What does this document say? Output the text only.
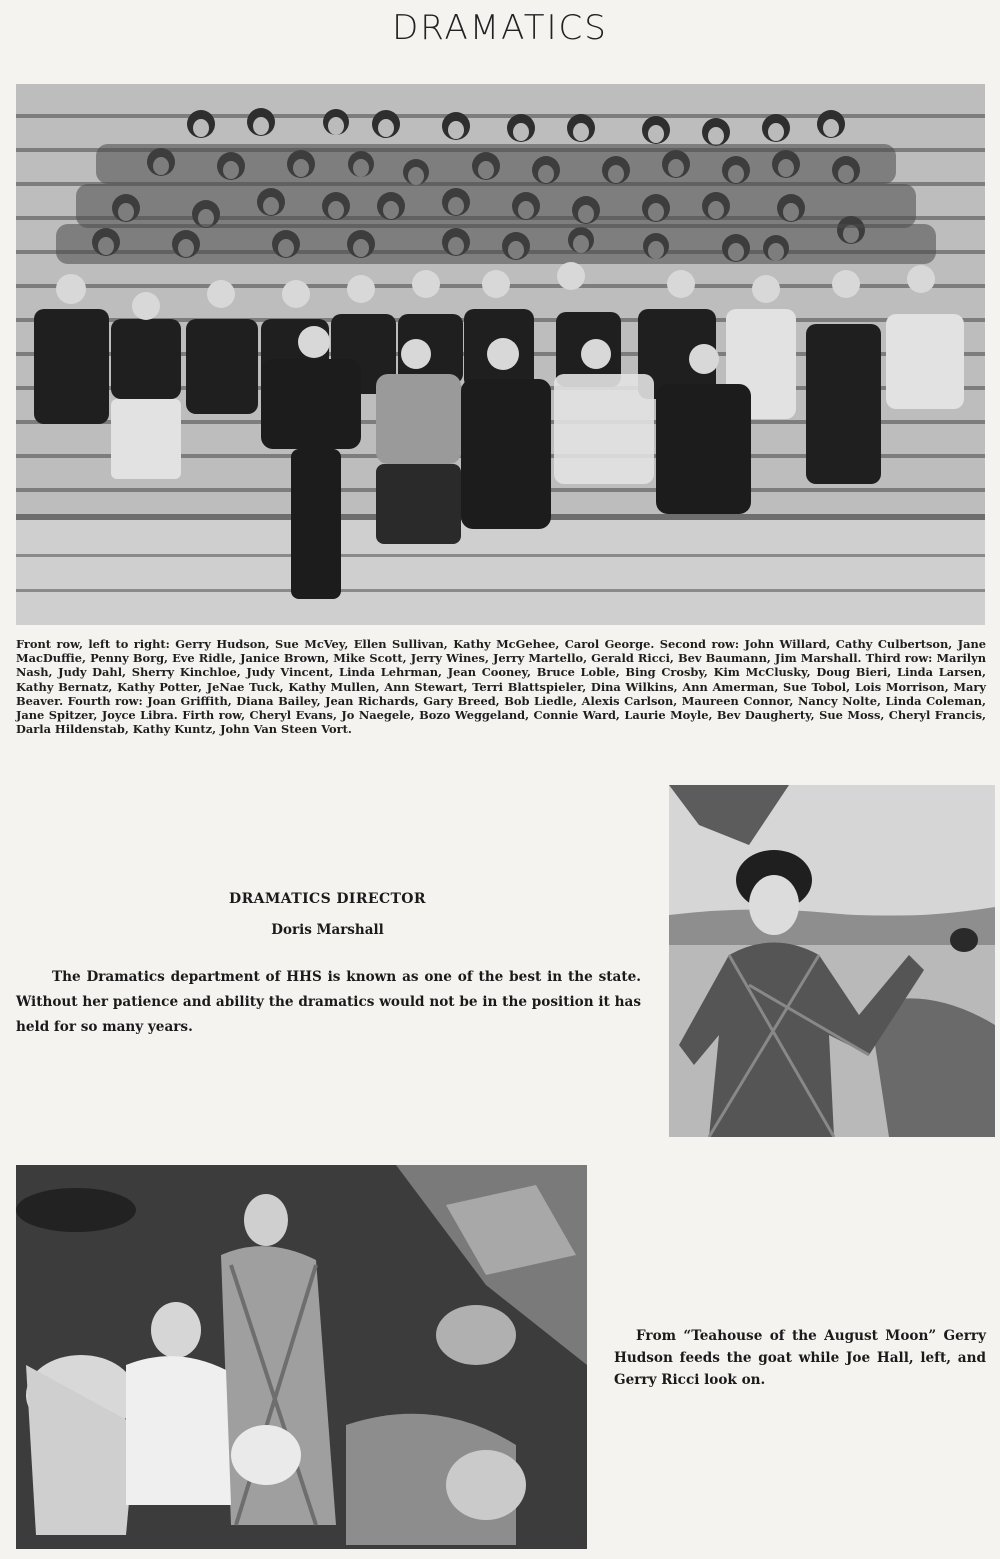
DRAMATICS
Front row, left to right: Gerry Hudson, Sue McVey, Ellen Sullivan, Kathy McGehee, Carol George. Second row: John Willard, Cathy Culbertson, Jane MacDuffie, Penny Borg, Eve Ridle, Janice Brown, Mike Scott, Jerry Wines, Jerry Martello, Gerald Ricci, Bev Baumann, Jim Marshall. Third row: Marilyn Nash, Judy Dahl, Sherry Kinchloe, Judy Vincent, Linda Lehrman, Jean Cooney, Bruce Loble, Bing Crosby, Kim McClusky, Doug Bieri, Linda Larsen, Kathy Bernatz, Kathy Potter, JeNae Tuck, Kathy Mullen, Ann Stewart, Terri Blattspieler, Dina Wilkins, Ann Amerman, Sue Tobol, Lois Morrison, Mary Beaver. Fourth row: Joan Griffith, Diana Bailey, Jean Richards, Gary Breed, Bob Liedle, Alexis Carlson, Maureen Connor, Nancy Nolte, Linda Coleman, Jane Spitzer, Joyce Libra. Firth row, Cheryl Evans, Jo Naegele, Bozo Weggeland, Connie Ward, Laurie Moyle, Bev Daugherty, Sue Moss, Cheryl Francis, Darla Hildenstab, Kathy Kuntz, John Van Steen Vort.
DRAMATICS DIRECTOR
Doris Marshall
The Dramatics department of HHS is known as one of the best in the state. Without her patience and ability the dramatics would not be in the position it has held for so many years.
From “Teahouse of the August Moon” Gerry Hudson feeds the goat while Joe Hall, left, and Gerry Ricci look on.
